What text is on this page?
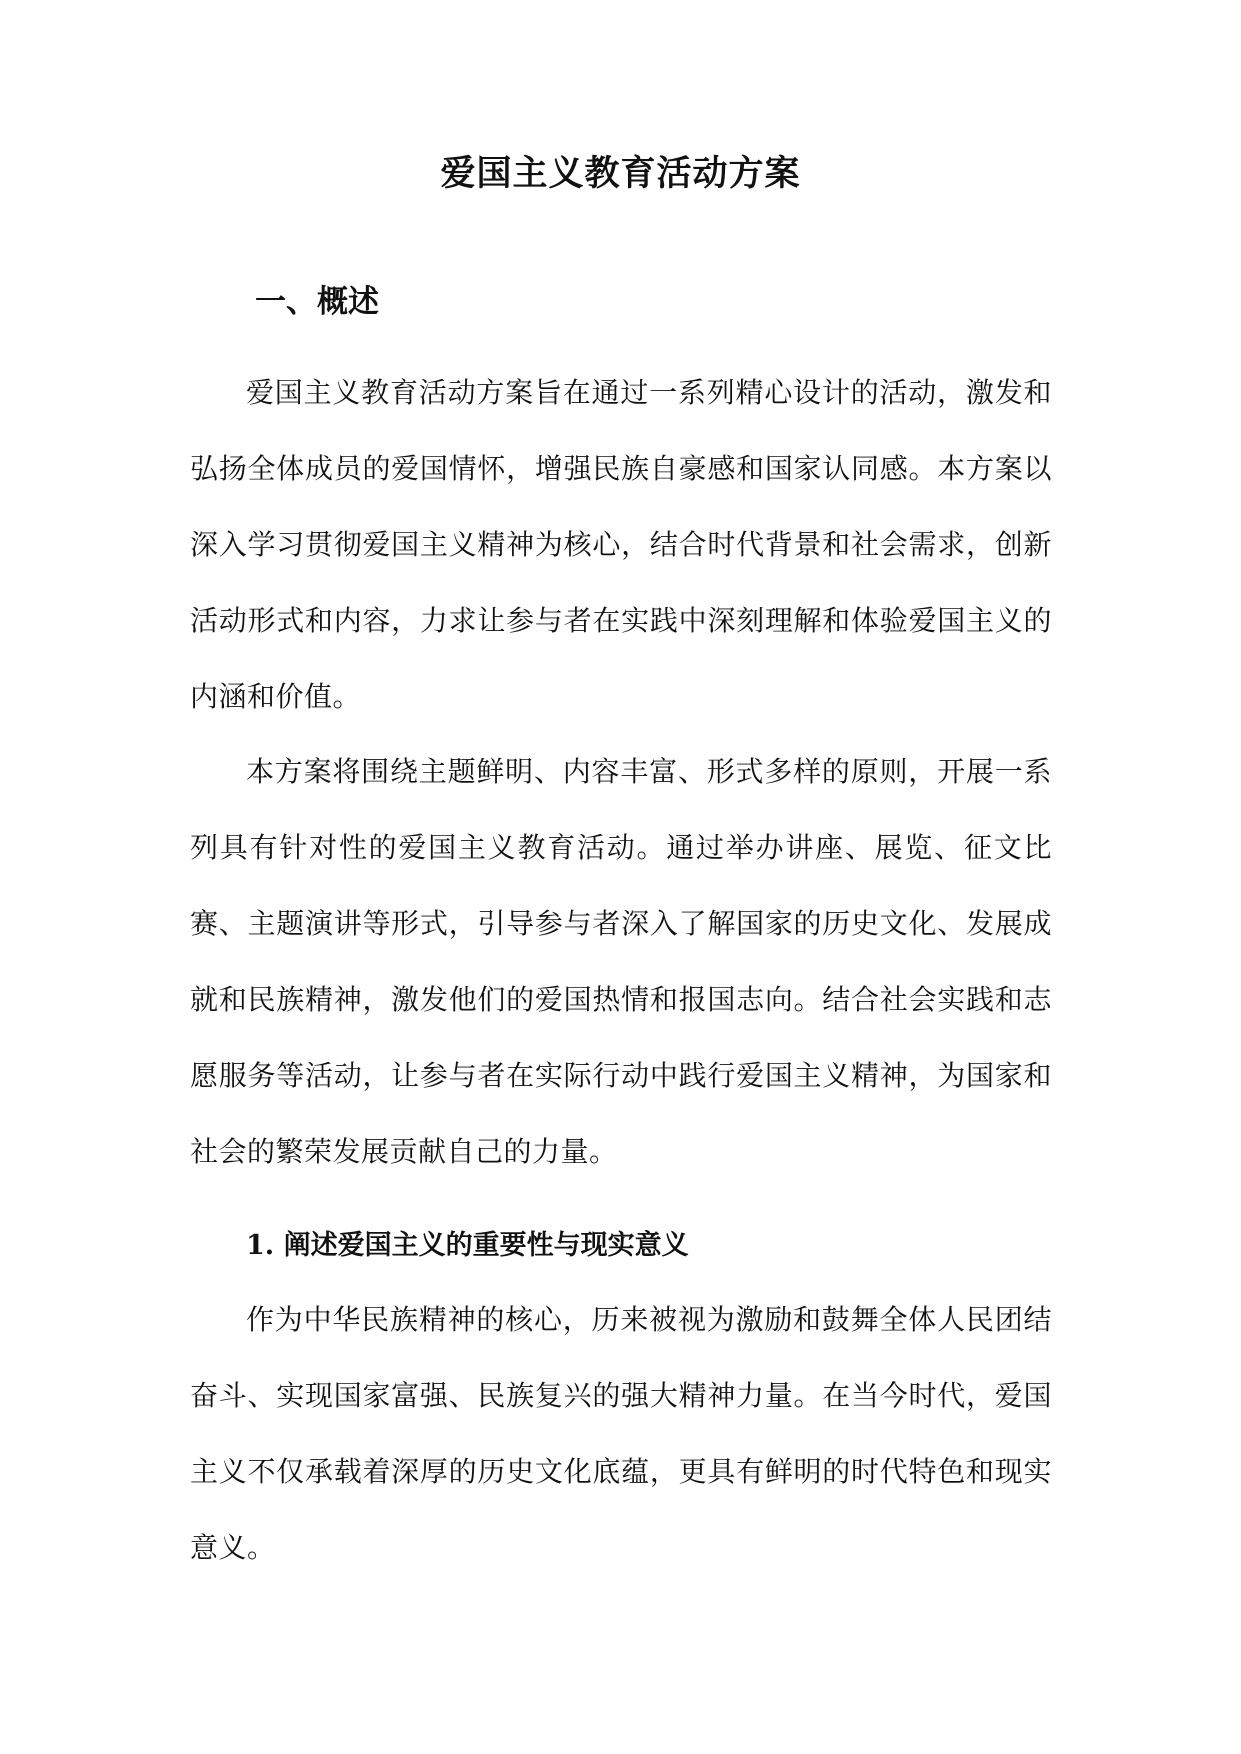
爱国主义教育活动方案
一、概述

爱国主义教育活动方案旨在通过一系列精心设计的活动，激发和弘扬全体成员的爱国情怀，增强民族自豪感和国家认同感。本方案以深入学习贯彻爱国主义精神为核心，结合时代背景和社会需求，创新活动形式和内容，力求让参与者在实践中深刻理解和体验爱国主义的内涵和价值。

本方案将围绕主题鲜明、内容丰富、形式多样的原则，开展一系列具有针对性的爱国主义教育活动。通过举办讲座、展览、征文比赛、主题演讲等形式，引导参与者深入了解国家的历史文化、发展成就和民族精神，激发他们的爱国热情和报国志向。结合社会实践和志愿服务等活动，让参与者在实际行动中践行爱国主义精神，为国家和社会的繁荣发展贡献自己的力量。

1. 阐述爱国主义的重要性与现实意义

作为中华民族精神的核心，历来被视为激励和鼓舞全体人民团结奋斗、实现国家富强、民族复兴的强大精神力量。在当今时代，爱国主义不仅承载着深厚的历史文化底蕴，更具有鲜明的时代特色和现实意义。
